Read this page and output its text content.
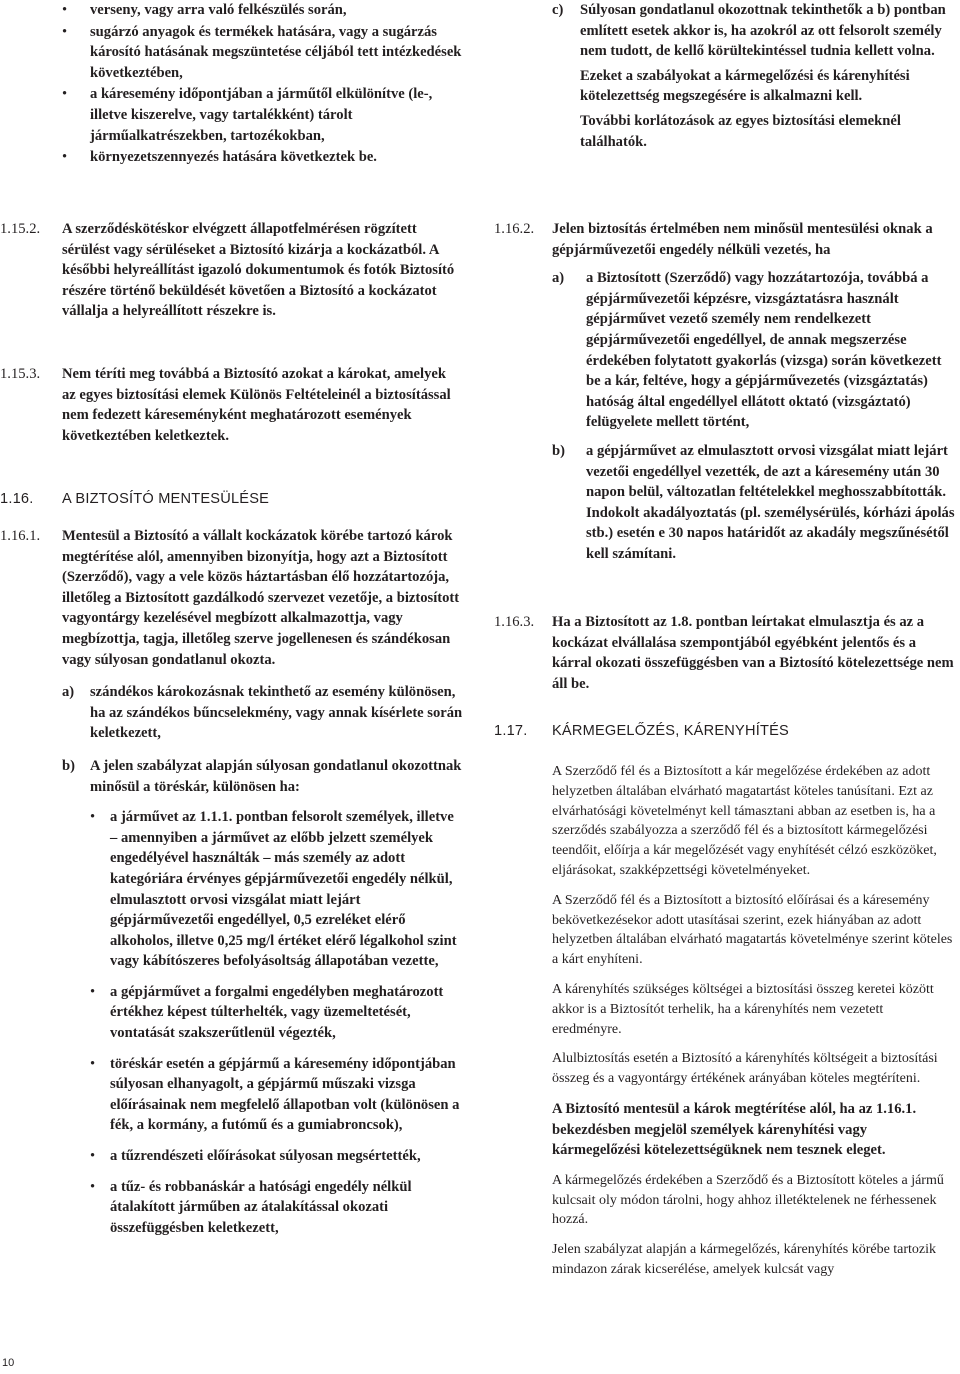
• verseny, vagy arra való felkészülés során,
• sugárzó anyagok és termékek hatására, vagy a sugárzás károsító hatásának megszüntetése céljából tett intézkedések következtében,
• a káresemény időpontjában a járműtől elkülönítve (le-, illetve kiszerelve, vagy tartalékként) tárolt járműalkatrészekben, tartozékokban,
• környezetszennyezés hatására következtek be.
1.15.2. A szerződéskötéskor elvégzett állapotfelmérésen rögzített sérülést vagy sérüléseket a Biztosító kizárja a kockázatból. A későbbi helyreállítást igazoló dokumentumok és fotók Biztosító részére történő beküldését követően a Biztosító a kockázatot vállalja a helyreállított részekre is.
1.15.3. Nem téríti meg továbbá a Biztosító azokat a károkat, amelyek az egyes biztosítási elemek Különös Feltételeinél a biztosítással nem fedezett káreseményként meghatározott események következtében keletkeztek.
1.16. A BIZTOSÍTÓ MENTESÜLÉSE
1.16.1. Mentesül a Biztosító a vállalt kockázatok körébe tartozó károk megtérítése alól, amennyiben bizonyítja, hogy azt a Biztosított (Szerződő), vagy a vele közös háztartásban élő hozzátartozója, illetőleg a Biztosított gazdálkodó szervezet vezetője, a biztosított vagyontárgy kezelésével megbízott alkalmazottja, vagy megbízottja, tagja, illetőleg szerve jogellenesen és szándékosan vagy súlyosan gondatlanul okozta.
a) szándékos károkozásnak tekinthető az esemény különösen, ha az szándékos bűncselekmény, vagy annak kísérlete során keletkezett,
b) A jelen szabályzat alapján súlyosan gondatlanul okozottnak minősül a töréskár, különösen ha:
• a járművet az 1.1.1. pontban felsorolt személyek, illetve – amennyiben a járművet az előbb jelzett személyek engedélyével használták – más személy az adott kategóriára érvényes gépjárművezetői engedély nélkül, elmulasztott orvosi vizsgálat miatt lejárt gépjárművezetői engedéllyel, 0,5 ezreléket elérő alkoholos, illetve 0,25 mg/l értéket elérő légalkohol szint vagy kábítószeres befolyásoltság állapotában vezette,
• a gépjárművet a forgalmi engedélyben meghatározott értékhez képest túlterhelték, vagy üzemeltetését, vontatását szakszerűtlenül végezték,
• töréskár esetén a gépjármű a káresemény időpontjában súlyosan elhanyagolt, a gépjármű műszaki vizsga előírásainak nem megfelelő állapotban volt (különösen a fék, a kormány, a futómű és a gumiabroncsok),
• a tűzrendészeti előírásokat súlyosan megsértették,
• a tűz- és robbanáskár a hatósági engedély nélkül átalakított járműben az átalakítással okozati összefüggésben keletkezett,
c) Súlyosan gondatlanul okozottnak tekinthetők a b) pontban említett esetek akkor is, ha azokról az ott felsorolt személy nem tudott, de kellő körültekintéssel tudnia kellett volna.
Ezeket a szabályokat a kármegelőzési és kárenyhítési kötelezettség megszegésére is alkalmazni kell.
További korlátozások az egyes biztosítási elemeknél találhatók.
1.16.2. Jelen biztosítás értelmében nem minősül mentesülési oknak a gépjárművezetői engedély nélküli vezetés, ha
a) a Biztosított (Szerződő) vagy hozzátartozója, továbbá a gépjárművezetői képzésre, vizsgáztatásra használt gépjárművet vezető személy nem rendelkezett gépjárművezetői engedéllyel, de annak megszerzése érdekében folytatott gyakorlás (vizsga) során következett be a kár, feltéve, hogy a gépjárművezetés (vizsgáztatás) hatóság által engedéllyel ellátott oktató (vizsgáztató) felügyelete mellett történt,
b) a gépjárművet az elmulasztott orvosi vizsgálat miatt lejárt vezetői engedéllyel vezették, de azt a káresemény után 30 napon belül, változatlan feltételekkel meghosszabbították. Indokolt akadályoztatás (pl. személysérülés, kórházi ápolás stb.) esetén e 30 napos határidőt az akadály megszűnésétől kell számítani.
1.16.3. Ha a Biztosított az 1.8. pontban leírtakat elmulasztja és az a kockázat elvállalása szempontjából egyébként jelentős és a kárral okozati összefüggésben van a Biztosító kötelezettsége nem áll be.
1.17. KÁRMEGELŐZÉS, KÁRENYHÍTÉS

A Szerződő fél és a Biztosított a kár megelőzése érdekében az adott helyzetben általában elvárható magatartást köteles tanúsítani. Ezt az elvárhatósági követelményt kell támasztani abban az esetben is, ha a szerződés szabályozza a szerződő fél és a biztosított kármegelőzési teendőit, előírja a kár megelőzését vagy enyhítését célzó eszközöket, eljárásokat, szakképzettségi követelményeket.

A Szerződő fél és a Biztosított a biztosító előírásai és a káresemény bekövetkezésekor adott utasításai szerint, ezek hiányában az adott helyzetben általában elvárható magatartás követelménye szerint köteles a kárt enyhíteni.

A kárenyhítés szükséges költségei a biztosítási összeg keretei között akkor is a Biztosítót terhelik, ha a kárenyhítés nem vezetett eredményre.

Alulbiztosítás esetén a Biztosító a kárenyhítés költségeit a biztosítási összeg és a vagyontárgy értékének arányában köteles megtéríteni.

A Biztosító mentesül a károk megtérítése alól, ha az 1.16.1. bekezdésben megjelöl személyek kárenyhítési vagy kármegelőzési kötelezettségüknek nem tesznek eleget.

A kármegelőzés érdekében a Szerződő és a Biztosított köteles a jármű kulcsait oly módon tárolni, hogy ahhoz illetéktelenek ne férhessenek hozzá.

Jelen szabályzat alapján a kármegelőzés, kárenyhítés körébe tartozik mindazon zárak kicserélése, amelyek kulcsát vagy

10
